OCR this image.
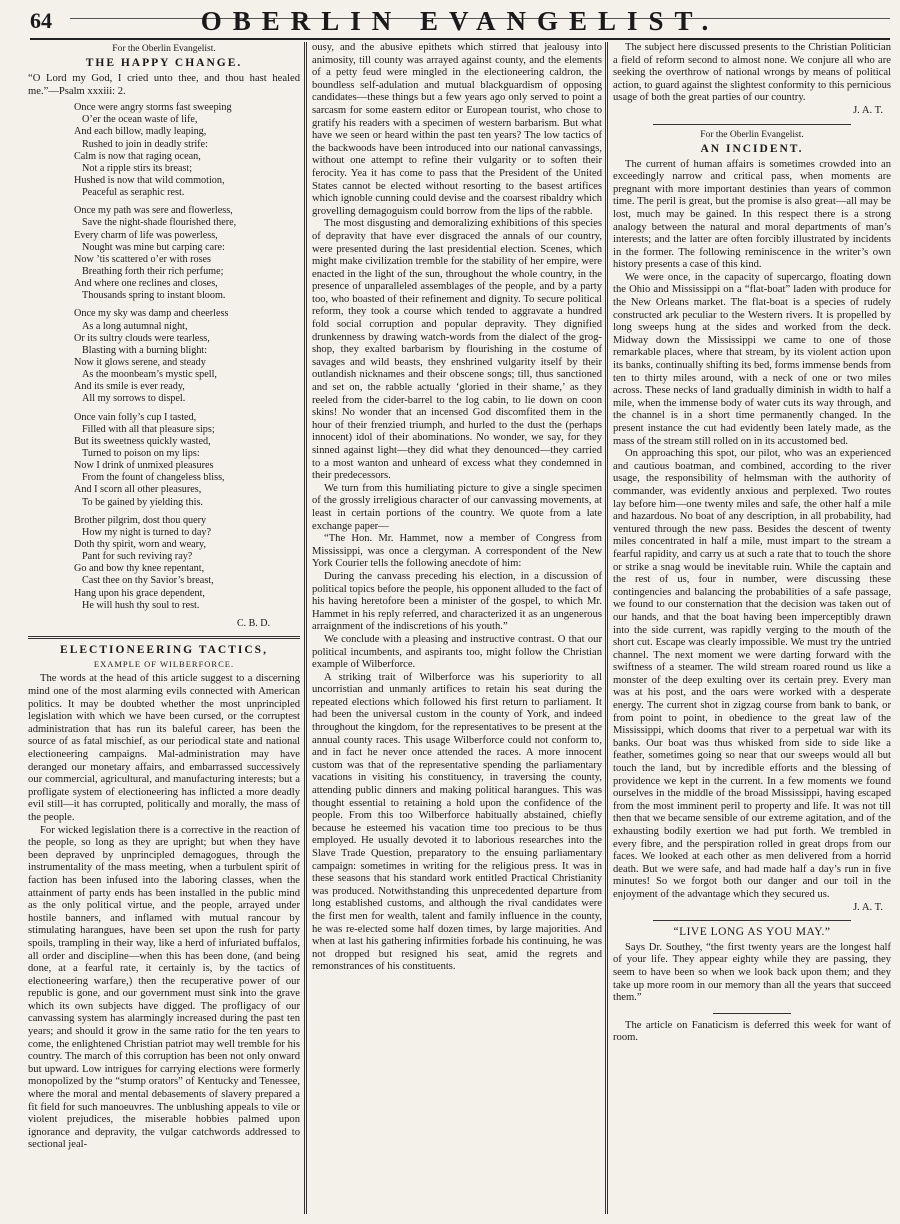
64	OBERLIN EVANGELIST.
For the Oberlin Evangelist.
THE HAPPY CHANGE.

“O Lord my God, I cried unto thee, and thou hast healed me.”—Psalm xxxiii: 2.

Once were angry storms fast sweeping
O’er the ocean waste of life,
And each billow, madly leaping,
Rushed to join in deadly strife:
Calm is now that raging ocean,
Not a ripple stirs its breast;
Hushed is now that wild commotion,
Peaceful as seraphic rest.
Once my path was sere and flowerless,
Save the night-shade flourished there,
Every charm of life was powerless,
Nought was mine but carping care:
Now ’tis scattered o’er with roses
Breathing forth their rich perfume;
And where one reclines and closes,
Thousands spring to instant bloom.
Once my sky was damp and cheerless
As a long autumnal night,
Or its sultry clouds were tearless,
Blasting with a burning blight:
Now it glows serene, and steady
As the moonbeam’s mystic spell,
And its smile is ever ready,
All my sorrows to dispel.
Once vain folly’s cup I tasted,
Filled with all that pleasure sips;
But its sweetness quickly wasted,
Turned to poison on my lips:
Now I drink of unmixed pleasures
From the fount of changeless bliss,
And I scorn all other pleasures,
To be gained by yielding this.
Brother pilgrim, dost thou query
How my night is turned to day?
Doth thy spirit, worn and weary,
Pant for such reviving ray?
Go and bow thy knee repentant,
Cast thee on thy Savior’s breast,
Hang upon his grace dependent,
He will hush thy soul to rest.
C. B. D.
ELECTIONEERING TACTICS,
EXAMPLE OF WILBERFORCE.

The words at the head of this article suggest to a discerning mind one of the most alarming evils connected with American politics. It may be doubted whether the most unprincipled legislation with which we have been cursed, or the corruptest administration that has run its baleful career, has been the source of as fatal mischief, as our periodical state and national electioneering campaigns. Mal-administration may have deranged our monetary affairs, and embarrassed successively our commercial, agricultural, and manufacturing interests; but a profligate system of electioneering has inflicted a more deadly evil still—it has corrupted, politically and morally, the mass of the people.

For wicked legislation there is a corrective in the reaction of the people, so long as they are upright; but when they have been depraved by unprincipled demagogues, through the instrumentality of the mass meeting, when a turbulent spirit of faction has been infused into the laboring classes, when the attainment of party ends has been installed in the public mind as the only political virtue, and the people, arrayed under hostile banners, and inflamed with mutual rancour by stimulating harangues, have been set upon the rush for party spoils, trampling in their way, like a herd of infuriated buffalos, all order and discipline—when this has been done, (and being done, at a fearful rate, it certainly is, by the tactics of electioneering warfare,) then the recuperative power of our republic is gone, and our government must sink into the grave which its own subjects have digged. The profligacy of our canvassing system has alarmingly increased during the past ten years; and should it grow in the same ratio for the ten years to come, the enlightened Christian patriot may well tremble for his country. The march of this corruption has been not only onward but upward. Low intrigues for carrying elections were formerly monopolized by the “stump orators” of Kentucky and Tenessee, where the moral and mental debasements of slavery prepared a fit field for such manoeuvres. The unblushing appeals to vile or violent prejudices, the miserable hobbies palmed upon ignorance and depravity, the vulgar catchwords addressed to sectional jeal-

ousy, and the abusive epithets which stirred that jealousy into animosity, till county was arrayed against county, and the elements of a petty feud were mingled in the electioneering caldron, the boundless self-adulation and mutual blackguardism of opposing candidates—these things but a few years ago only served to point a sarcasm for some eastern editor or European tourist, who chose to gratify his readers with a specimen of western barbarism. But what have we seen or heard within the past ten years? The low tactics of the backwoods have been introduced into our national canvassings, without one attempt to refine their vulgarity or to soften their ferocity. Yea it has come to pass that the President of the United States cannot be elected without resorting to the basest artifices which ignoble cunning could devise and the coarsest ribaldry which grovelling demagoguism could borrow from the lips of the rabble.

The most disgusting and demoralizing exhibitions of this species of depravity that have ever disgraced the annals of our country, were presented during the last presidential election. Scenes, which might make civilization tremble for the stability of her empire, were enacted in the light of the sun, throughout the whole country, in the presence of unparalleled assemblages of the people, and by a party too, who boasted of their refinement and dignity. To secure political reform, they took a course which tended to aggravate a hundred fold social corruption and popular depravity. They dignified drunkenness by drawing watch-words from the dialect of the grog-shop, they exalted barbarism by flourishing in the costume of savages and wild beasts, they enshrined vulgarity itself by their outlandish nicknames and their obscene songs; till, thus sanctioned and set on, the rabble actually ‘gloried in their shame,’ as they reeled from the cider-barrel to the log cabin, to lie down on coon skins! No wonder that an incensed God discomfited them in the hour of their frenzied triumph, and hurled to the dust the (perhaps innocent) idol of their abominations. No wonder, we say, for they sinned against light—they did what they denounced—they carried to a most wanton and unheard of excess what they condemned in their predecessors.

We turn from this humiliating picture to give a single specimen of the grossly irreligious character of our canvassing movements, at least in certain portions of the country. We quote from a late exchange paper—

“The Hon. Mr. Hammet, now a member of Congress from Mississippi, was once a clergyman. A correspondent of the New York Courier tells the following anecdote of him:

During the canvass preceding his election, in a discussion of political topics before the people, his opponent alluded to the fact of his having heretofore been a minister of the gospel, to which Mr. Hammet in his reply referred, and characterized it as an ungenerous arraignment of the indiscretions of his youth.”

We conclude with a pleasing and instructive contrast. O that our political incumbents, and aspirants too, might follow the Christian example of Wilberforce.

A striking trait of Wilberforce was his superiority to all uncorristian and unmanly artifices to retain his seat during the repeated elections which followed his first return to parliament. It had been the universal custom in the county of York, and indeed throughout the kingdom, for the representatives to be present at the annual county races. This usage Wilberforce could not conform to, and in fact he never once attended the races. A more innocent custom was that of the representative spending the parliamentary vacations in visiting his constituency, in traversing the county, attending public dinners and making political harangues. This was thought essential to retaining a hold upon the confidence of the people. From this too Wilberforce habitually abstained, chiefly because he esteemed his vacation time too precious to be thus employed. He usually devoted it to laborious researches into the Slave Trade Question, preparatory to the ensuing parliamentary campaign: sometimes in writing for the religious press. It was in these seasons that his standard work entitled Practical Christianity was produced. Notwithstanding this unprecedented departure from long established customs, and although the rival candidates were the first men for wealth, talent and family influence in the county, he was re-elected some half dozen times, by large majorities. And when at last his gathering infirmities forbade his continuing, he was not dropped but resigned his seat, amid the regrets and remonstrances of his constituents.

The subject here discussed presents to the Christian Politician a field of reform second to almost none. We conjure all who are seeking the overthrow of national wrongs by means of political action, to guard against the slightest conformity to this pernicious usage of both the great parties of our country.

J. A. T.
For the Oberlin Evangelist.
AN INCIDENT.

The current of human affairs is sometimes crowded into an exceedingly narrow and critical pass, when moments are pregnant with more important destinies than years of common time. The peril is great, but the promise is also great—all may be lost, much may be gained. In this respect there is a strong analogy between the natural and moral departments of man’s interests; and the latter are often forcibly illustrated by incidents in the former. The following reminiscence in the writer’s own history presents a case of this kind.

We were once, in the capacity of supercargo, floating down the Ohio and Mississippi on a “flat-boat” laden with produce for the New Orleans market. The flat-boat is a species of rudely constructed ark peculiar to the Western rivers. It is propelled by long sweeps hung at the sides and worked from the deck. Midway down the Mississippi we came to one of those remarkable places, where that stream, by its violent action upon its banks, continually shifting its bed, forms immense bends from ten to thirty miles around, with a neck of one or two miles across. These necks of land gradually diminish in width to half a mile, when the immense body of water cuts its way through, and the channel is in a short time permanently changed. In the present instance the cut had evidently been lately made, as the mass of the stream still rolled on in its accustomed bed.

On approaching this spot, our pilot, who was an experienced and cautious boatman, and combined, according to the river usage, the responsibility of helmsman with the authority of commander, was evidently anxious and perplexed. Two routes lay before him—one twenty miles and safe, the other half a mile and hazardous. No boat of any description, in all probability, had ventured through the new pass. Besides the descent of twenty miles concentrated in half a mile, must impart to the stream a fearful rapidity, and carry us at such a rate that to touch the shore or strike a snag would be inevitable ruin. While the captain and the rest of us, four in number, were discussing these contingencies and balancing the probabilities of a safe passage, we found to our consternation that the decision was taken out of our hands, and that the boat having been imperceptibly drawn into the side current, was rapidly verging to the mouth of the short cut. Escape was clearly impossible. We must try the untried channel. The next moment we were darting forward with the swiftness of a steamer. The wild stream roared round us like a monster of the deep exulting over its certain prey. Every man was at his post, and the oars were worked with a desperate energy. The current shot in zigzag course from bank to bank, or from point to point, in obedience to the great law of the Mississippi, which dooms that river to a perpetual war with its banks. Our boat was thus whisked from side to side like a feather, sometimes going so near that our sweeps would all but touch the land, but by incredible efforts and the blessing of providence we kept in the current. In a few moments we found ourselves in the middle of the broad Mississippi, having escaped from the most imminent peril to property and life. It was not till then that we became sensible of our extreme agitation, and of the exhausting bodily exertion we had put forth. We trembled in every fibre, and the perspiration rolled in great drops from our faces. We looked at each other as men delivered from a horrid death. But we were safe, and had made half a day’s run in five minutes! So we forgot both our danger and our toil in the enjoyment of the advantage which they secured us.

J. A. T.
“LIVE LONG AS YOU MAY.”

Says Dr. Southey, “the first twenty years are the longest half of your life. They appear eighty while they are passing, they seem to have been so when we look back upon them; and they take up more room in our memory than all the years that succeed them.”

The article on Fanaticism is deferred this week for want of room.
